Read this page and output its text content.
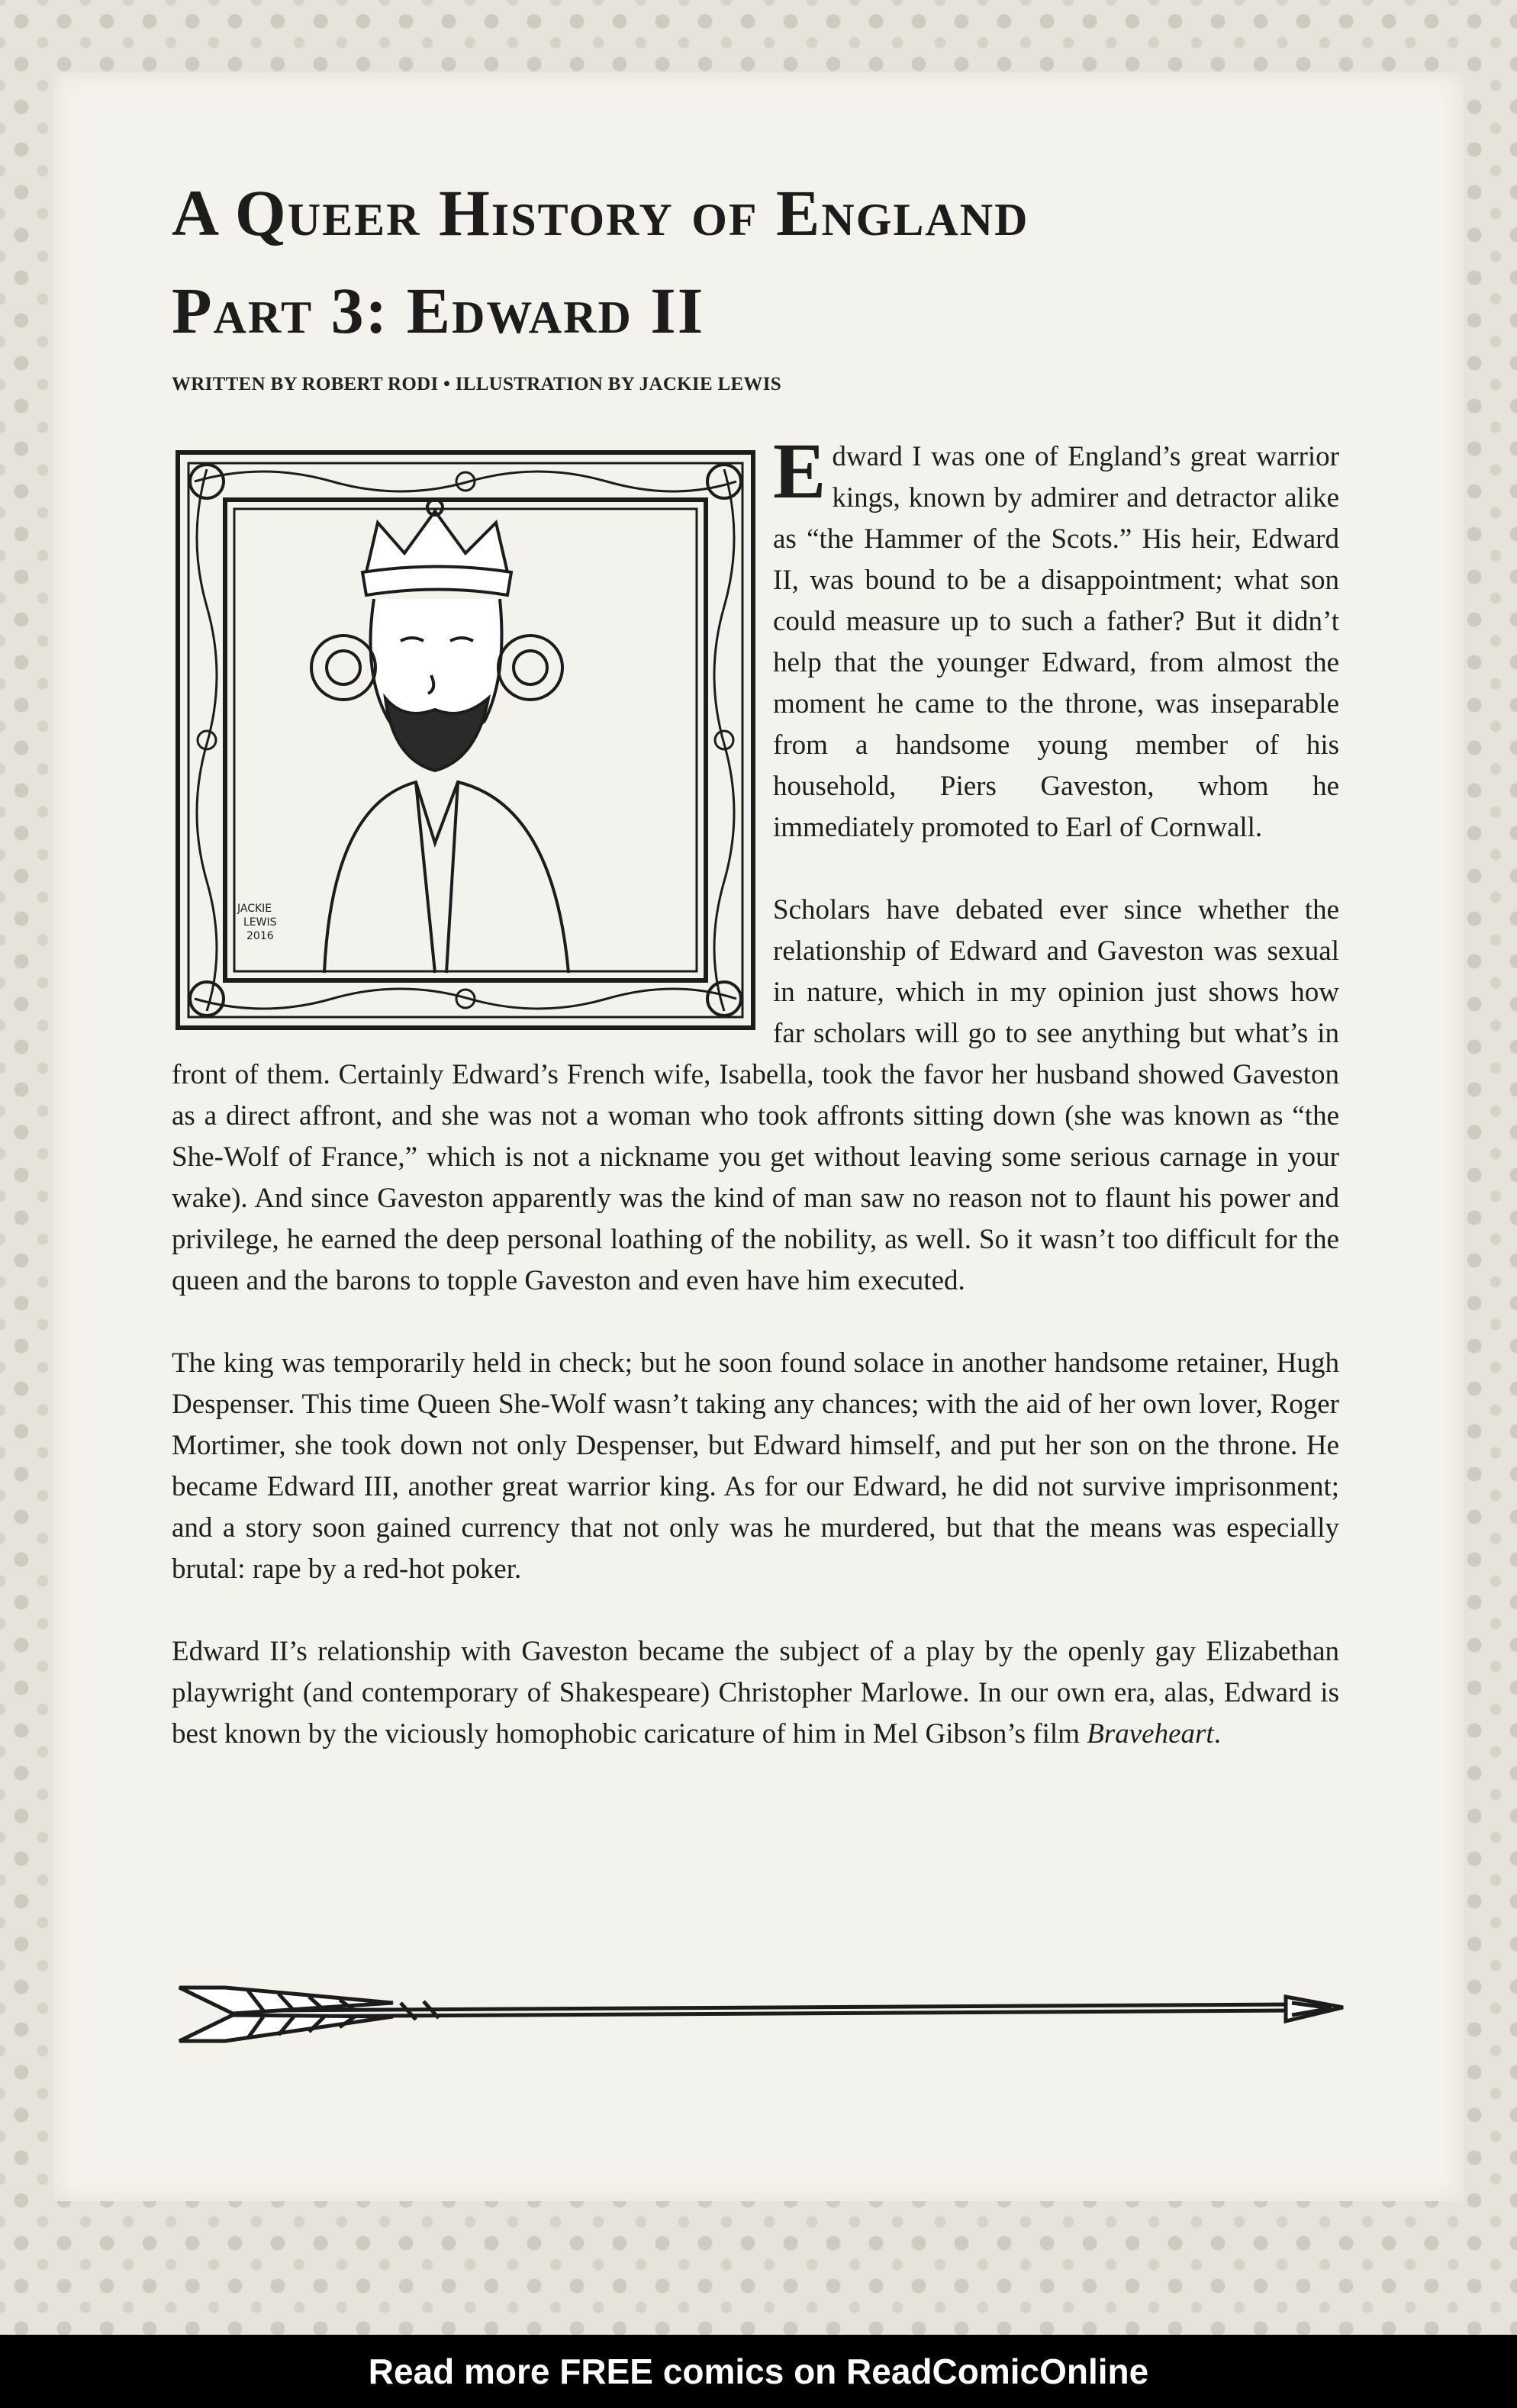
A Queer History of England
Part 3: Edward II
WRITTEN BY ROBERT RODI • ILLUSTRATION BY JACKIE LEWIS
JACKIE
LEWIS
2016

Edward I was one of England’s great warrior kings, known by admirer and detractor alike as “the Hammer of the Scots.” His heir, Edward II, was bound to be a disappointment; what son could measure up to such a father? But it didn’t help that the younger Edward, from almost the moment he came to the throne, was inseparable from a handsome young member of his household, Piers Gaveston, whom he immediately promoted to Earl of Cornwall.

Scholars have debated ever since whether the relationship of Edward and Gaveston was sexual in nature, which in my opinion just shows how far scholars will go to see anything but what’s in front of them. Certainly Edward’s French wife, Isabella, took the favor her husband showed Gaveston as a direct affront, and she was not a woman who took affronts sitting down (she was known as “the She-Wolf of France,” which is not a nickname you get without leaving some serious carnage in your wake). And since Gaveston apparently was the kind of man saw no reason not to flaunt his power and privilege, he earned the deep personal loathing of the nobility, as well. So it wasn’t too difficult for the queen and the barons to topple Gaveston and even have him executed.

The king was temporarily held in check; but he soon found solace in another handsome retainer, Hugh Despenser. This time Queen She-Wolf wasn’t taking any chances; with the aid of her own lover, Roger Mortimer, she took down not only Despenser, but Edward himself, and put her son on the throne. He became Edward III, another great warrior king. As for our Edward, he did not survive imprisonment; and a story soon gained currency that not only was he murdered, but that the means was especially brutal: rape by a red-hot poker.

Edward II’s relationship with Gaveston became the subject of a play by the openly gay Elizabethan playwright (and contemporary of Shakespeare) Christopher Marlowe. In our own era, alas, Edward is best known by the viciously homophobic caricature of him in Mel Gibson’s film Braveheart.

Read more FREE comics on ReadComicOnline
